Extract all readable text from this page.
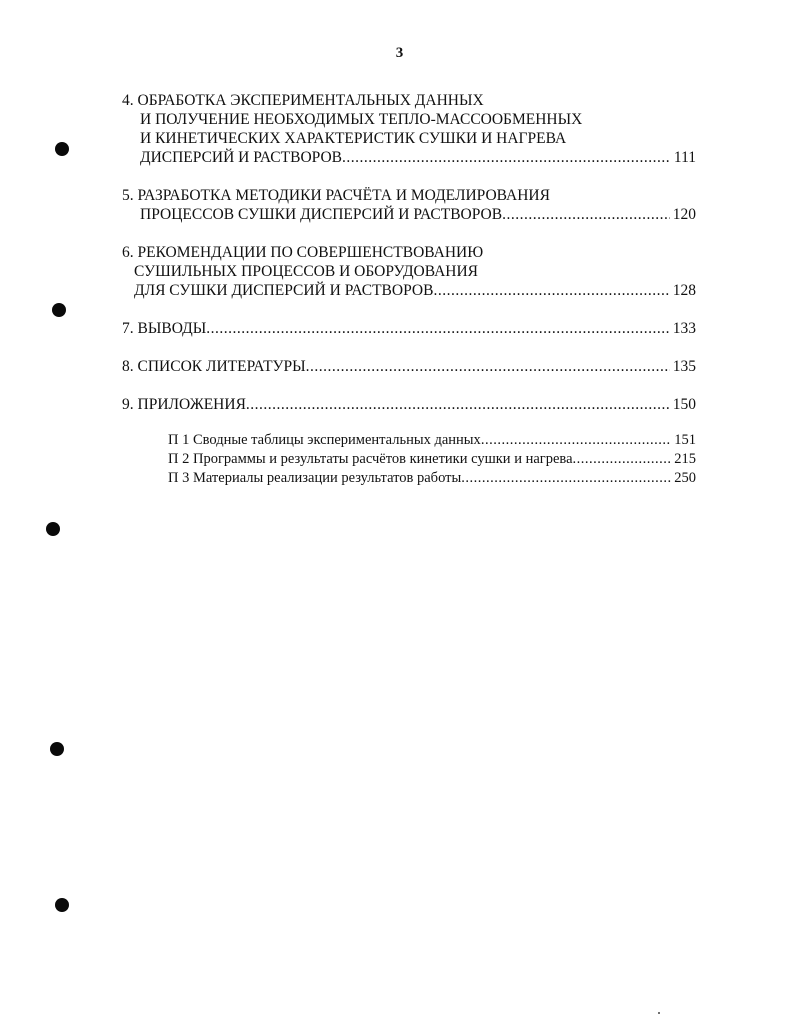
3
4. ОБРАБОТКА ЭКСПЕРИМЕНТАЛЬНЫХ ДАННЫХ
И ПОЛУЧЕНИЕ НЕОБХОДИМЫХ ТЕПЛО-МАССООБМЕННЫХ
И КИНЕТИЧЕСКИХ ХАРАКТЕРИСТИК СУШКИ И НАГРЕВА
ДИСПЕРСИЙ И РАСТВОРОВ .....	111
5. РАЗРАБОТКА МЕТОДИКИ РАСЧЁТА И МОДЕЛИРОВАНИЯ
ПРОЦЕССОВ СУШКИ ДИСПЕРСИЙ И РАСТВОРОВ .....	120
6. РЕКОМЕНДАЦИИ ПО СОВЕРШЕНСТВОВАНИЮ
СУШИЛЬНЫХ ПРОЦЕССОВ И ОБОРУДОВАНИЯ
ДЛЯ СУШКИ ДИСПЕРСИЙ И РАСТВОРОВ .....	128
7. ВЫВОДЫ .....	133
8. СПИСОК ЛИТЕРАТУРЫ .....	135
9. ПРИЛОЖЕНИЯ .....	150
П 1 Сводные таблицы экспериментальных данных .....	151
П 2 Программы и результаты расчётов кинетики сушки и нагрева .....	215
П 3 Материалы реализации результатов работы .....	250
